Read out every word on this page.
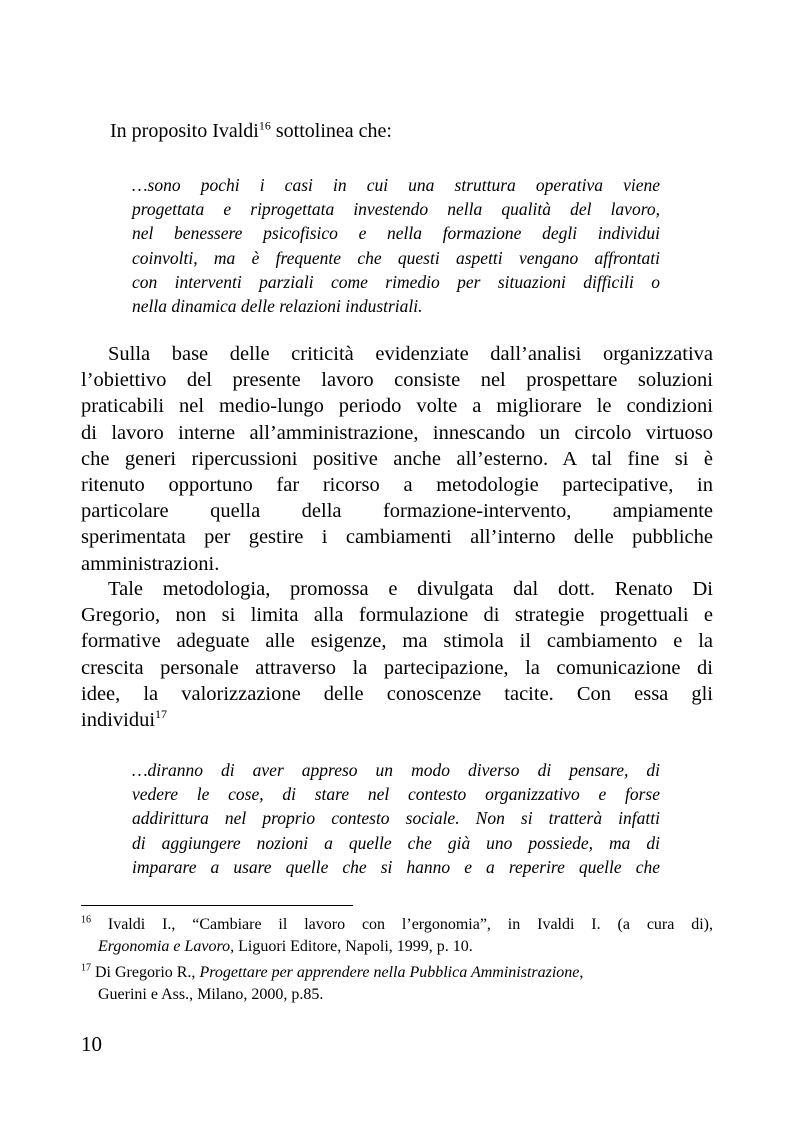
In proposito Ivaldi$^{16}$ sottolinea che:

…sono pochi i casi in cui una struttura operativa viene
progettata e riprogettata investendo nella qualità del lavoro,
nel benessere psicofisico e nella formazione degli individui
coinvolti, ma è frequente che questi aspetti vengano affrontati
con interventi parziali come rimedio per situazioni difficili o
nella dinamica delle relazioni industriali.
Sulla base delle criticità evidenziate dall’analisi organizzativa
l’obiettivo del presente lavoro consiste nel prospettare soluzioni
praticabili nel medio-lungo periodo volte a migliorare le condizioni
di lavoro interne all’amministrazione, innescando un circolo virtuoso
che generi ripercussioni positive anche all’esterno. A tal fine si è
ritenuto opportuno far ricorso a metodologie partecipative, in
particolare quella della formazione-intervento, ampiamente
sperimentata per gestire i cambiamenti all’interno delle pubbliche
amministrazioni.
Tale metodologia, promossa e divulgata dal dott. Renato Di
Gregorio, non si limita alla formulazione di strategie progettuali e
formative adeguate alle esigenze, ma stimola il cambiamento e la
crescita personale attraverso la partecipazione, la comunicazione di
idee, la valorizzazione delle conoscenze tacite. Con essa gli
individui$^{17}$
…diranno di aver appreso un modo diverso di pensare, di
vedere le cose, di stare nel contesto organizzativo e forse
addirittura nel proprio contesto sociale. Non si tratterà infatti
di aggiungere nozioni a quelle che già uno possiede, ma di
imparare a usare quelle che si hanno e a reperire quelle che
$^{16}$ Ivaldi I., “Cambiare il lavoro con l’ergonomia”, in Ivaldi I. (a cura di),
Ergonomia e Lavoro, Liguori Editore, Napoli, 1999, p. 10.
$^{17}$ Di Gregorio R., Progettare per apprendere nella Pubblica Amministrazione,
Guerini e Ass., Milano, 2000, p.85.
10
